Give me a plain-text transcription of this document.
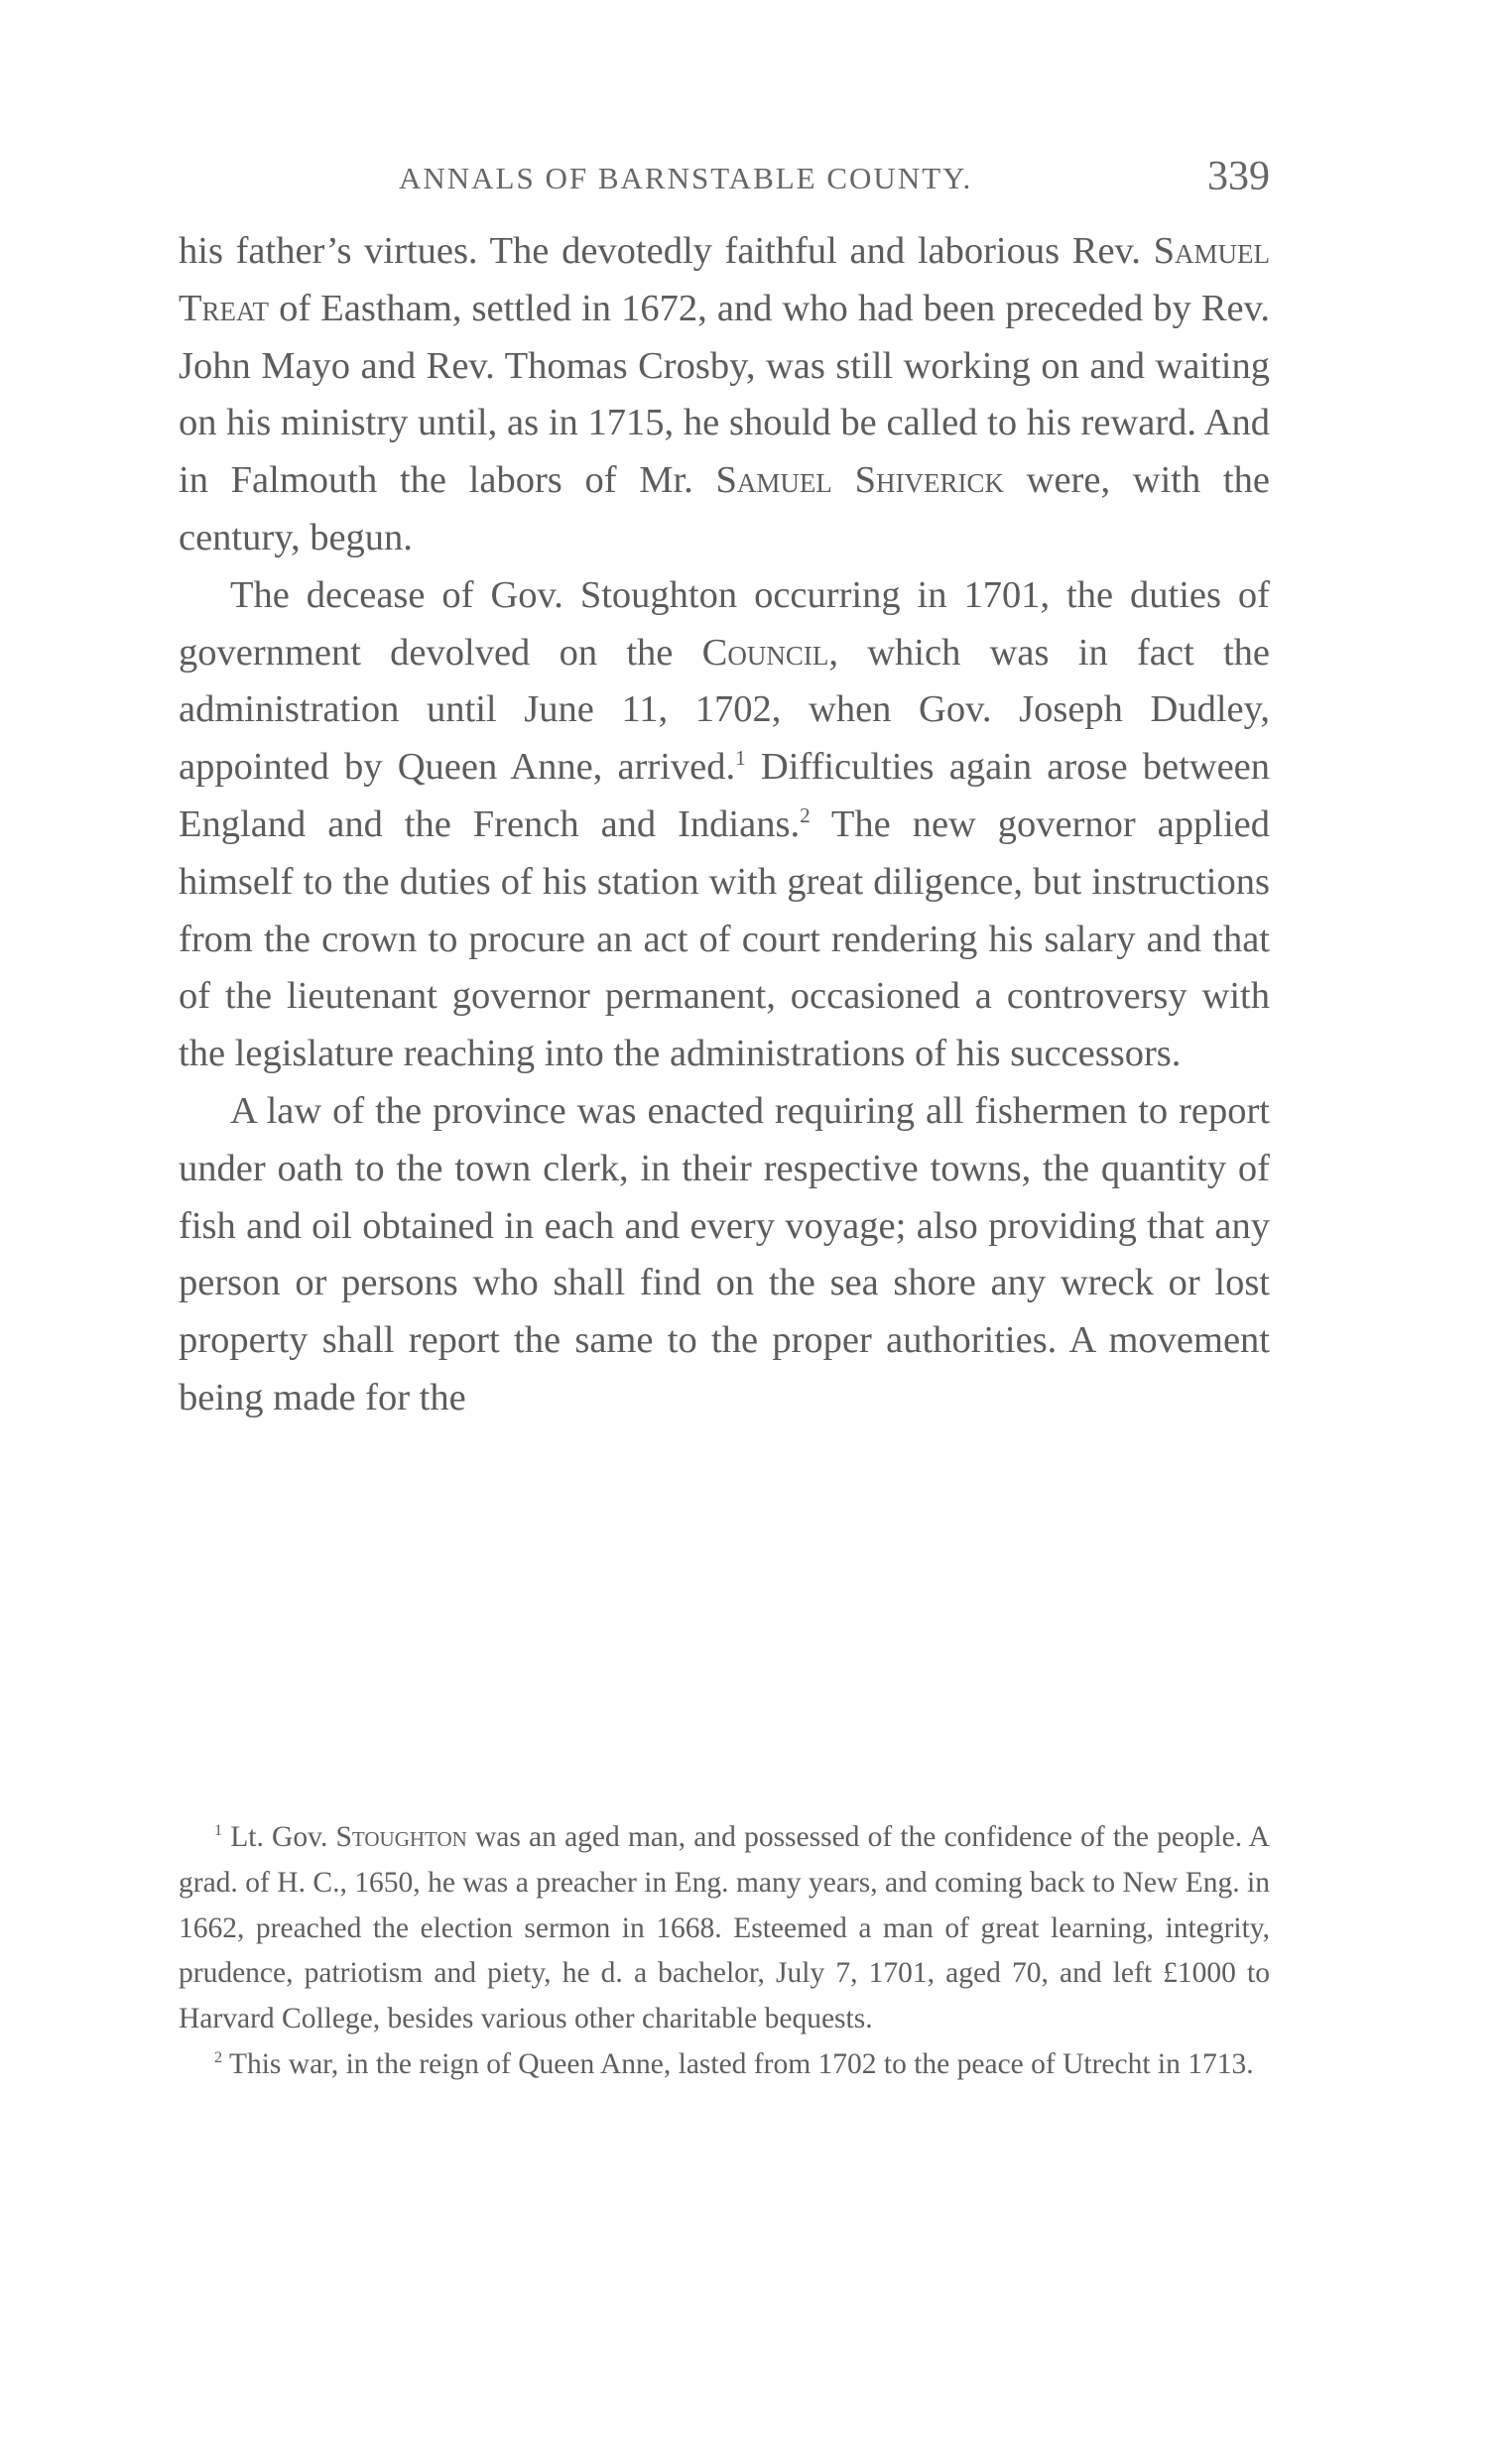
ANNALS OF BARNSTABLE COUNTY.	339

his father’s virtues. The devotedly faithful and laborious Rev. Samuel Treat of Eastham, settled in 1672, and who had been preceded by Rev. John Mayo and Rev. Thomas Crosby, was still working on and waiting on his ministry until, as in 1715, he should be called to his reward. And in Falmouth the labors of Mr. Samuel Shiverick were, with the century, begun.

The decease of Gov. Stoughton occurring in 1701, the duties of government devolved on the Council, which was in fact the administration until June 11, 1702, when Gov. Joseph Dudley, appointed by Queen Anne, arrived.$^1$ Difficulties again arose between England and the French and Indians.$^2$ The new governor applied himself to the duties of his station with great diligence, but instructions from the crown to procure an act of court rendering his salary and that of the lieutenant governor permanent, occasioned a controversy with the legislature reaching into the administrations of his successors.

A law of the province was enacted requiring all fishermen to report under oath to the town clerk, in their respective towns, the quantity of fish and oil obtained in each and every voyage; also providing that any person or persons who shall find on the sea shore any wreck or lost property shall report the same to the proper authorities. A movement being made for the

$^1$ Lt. Gov. Stoughton was an aged man, and possessed of the confidence of the people. A grad. of H. C., 1650, he was a preacher in Eng. many years, and coming back to New Eng. in 1662, preached the election sermon in 1668. Esteemed a man of great learning, integrity, prudence, patriotism and piety, he d. a bachelor, July 7, 1701, aged 70, and left £1000 to Harvard College, besides various other charitable bequests.

$^2$ This war, in the reign of Queen Anne, lasted from 1702 to the peace of Utrecht in 1713.
